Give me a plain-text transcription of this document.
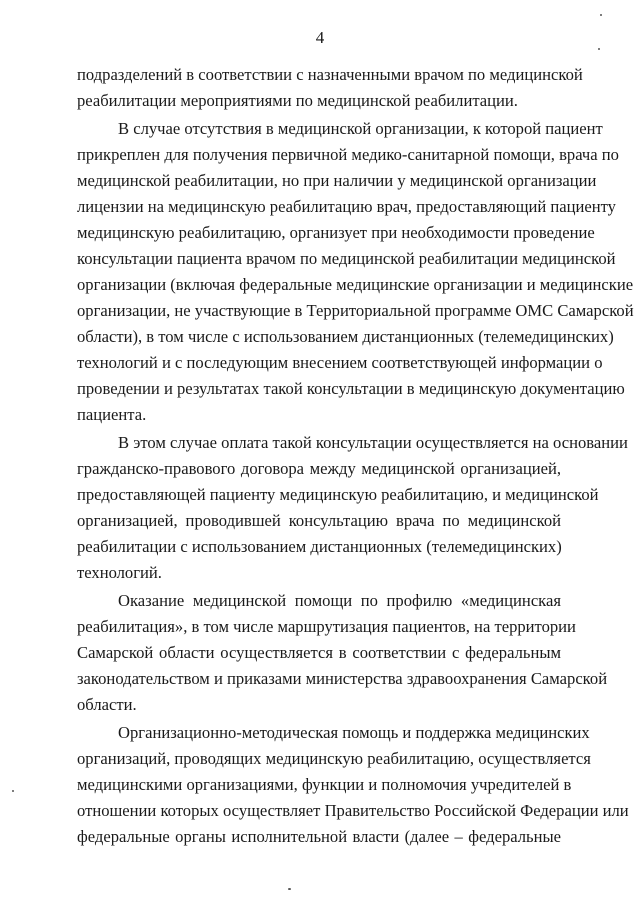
4
подразделений в соответствии с назначенными врачом по медицинской
реабилитации мероприятиями по медицинской реабилитации.
В случае отсутствия в медицинской организации, к которой пациент
прикреплен для получения первичной медико-санитарной помощи, врача по
медицинской реабилитации, но при наличии у медицинской организации
лицензии на медицинскую реабилитацию врач, предоставляющий пациенту
медицинскую реабилитацию, организует при необходимости проведение
консультации пациента врачом по медицинской реабилитации медицинской
организации (включая федеральные медицинские организации и медицинские
организации, не участвующие в Территориальной программе ОМС Самарской
области), в том числе с использованием дистанционных (телемедицинских)
технологий и с последующим внесением соответствующей информации о
проведении и результатах такой консультации в медицинскую документацию
пациента.
В этом случае оплата такой консультации осуществляется на основании
гражданско-правового договора между медицинской организацией,
предоставляющей пациенту медицинскую реабилитацию, и медицинской
организацией, проводившей консультацию врача по медицинской
реабилитации с использованием дистанционных (телемедицинских)
технологий.
Оказание медицинской помощи по профилю «медицинская
реабилитация», в том числе маршрутизация пациентов, на территории
Самарской области осуществляется в соответствии с федеральным
законодательством и приказами министерства здравоохранения Самарской
области.
Организационно-методическая помощь и поддержка медицинских
организаций, проводящих медицинскую реабилитацию, осуществляется
медицинскими организациями, функции и полномочия учредителей в
отношении которых осуществляет Правительство Российской Федерации или
федеральные органы исполнительной власти (далее – федеральные
